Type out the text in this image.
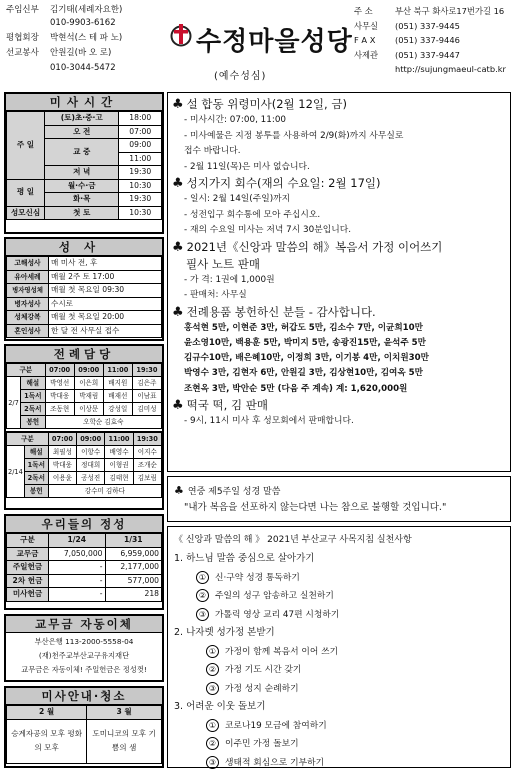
주임신부 김기태(세례자요한)
010-9903-6162
평협회장 박현석(스 테 파 노)
선교봉사 안원길(바 오 로)
010-3044-5472
수정마을성당
(예수성심)
주 소	부산 북구 화사로17번가길 16
사무실 (051) 337-9445
F A X (051) 337-9446
사제관 (051) 337-9447
http://sujungmaeul-catb.kr
미사시간
주 일	(토)초·중·고	18:00
	오 전	07:00
	교 중	09:00
		11:00
	저 녁	19:30
평 일	월·수·금	10:30
	화·목	19:30
성모신심	첫 토	10:30
성사
고해성사	매 미사 전, 후
유아세례	매월 2주 토 17:00
병자영성체	매월 첫 목요일 09:30
병자성사	수시로
성체강복	매월 첫 목요일 20:00
혼인성사	한 달 전 사무실 접수
전례담당
구분		07:00	09:00	11:00	19:30
2/7	해설	박영선	이은희	배지원	김은주
	1독서	박대웅	박재림	배재선	이남표
	2독서	조동현	이상문	강성일	김미성
	봉헌	오학순 김효숙			
구분		07:00	09:00	11:00	19:30
2/14	해설	최필성	이항수	배영수	이지수
	1독서	박대웅	정대희	이형권	조개순
	2독서	이용윤	공성진	김태현	김보림
	봉헌	강수미 김하다			
우리들의 정성
구분	1/24	1/31
교무금	7,050,000	6,959,000
주일헌금	-	2,177,000
2차 헌금	-	577,000
미사헌금	-	218
교무금 자동이체
부산은행 113-2000-5558-04
(재)천주교부산교구유지재단
교무금은 자동이체! 주일헌금은 정성껏!
미사안내·청소
2 월	3 월
승계자공의 모후 평화의 모후	도미니코의 모후 기쁨의 샘
♣ 설 합동 위령미사(2월 12일, 금)
- 미사시간: 07:00, 11:00
- 미사예물은 지정 봉투를 사용하여 2/9(화)까지 사무실로
접수 바랍니다.
- 2월 11일(목)은 미사 없습니다.
♣ 성지가지 회수(재의 수요일: 2월 17일)
- 일시: 2월 14일(주일)까지
- 성전입구 회수통에 모아 주십시오.
- 재의 수요일 미사는 저녁 7시 30분입니다.
♣ 2021년《신앙과 말씀의 해》복음서 가정 이어쓰기
필사 노트 판매
- 가 격: 1권에 1,000원
- 판매처: 사무실
♣ 전례용품 봉헌하신 분들 - 감사합니다.
홍석현 5만, 이현준 3만, 허갑도 5만, 김소수 7만, 이균희10만
윤소영10만, 백용훈 5만, 박미지 5만, 송광진15만, 윤석주 5만
김규수10만, 배은혜10만, 이정희 3만, 이기봉 4만, 이치원30만
박영수 3만, 김현자 6만, 안원길 3만, 김상현10만, 김여옥 5만
조현옥 3만, 박안순 5만 (다음 주 계속) 계: 1,620,000원
♣ 떡국 떡, 김 판매
- 9시, 11시 미사 후 성모회에서 판매합니다.
♣ 연중 제5주일 성경 말씀
"내가 복음을 선포하지 않는다면 나는 참으로 불행할 것입니다."
《 신앙과 말씀의 해 》 2021년 부산교구 사목지침 실천사항
1. 하느님 말씀 중심으로 살아가기
① 신·구약 성경 통독하기
② 주일의 성구 암송하고 실천하기
③ 가톨릭 영상 교리 47편 시청하기
2. 나자렛 성가정 본받기
① 가정이 함께 복음서 이어 쓰기
② 가정 기도 시간 갖기
③ 가정 성지 순례하기
3. 어려운 이웃 돌보기
① 코로나19 모금에 참여하기
② 이주민 가정 돌보기
③ 생태적 회심으로 기부하기
